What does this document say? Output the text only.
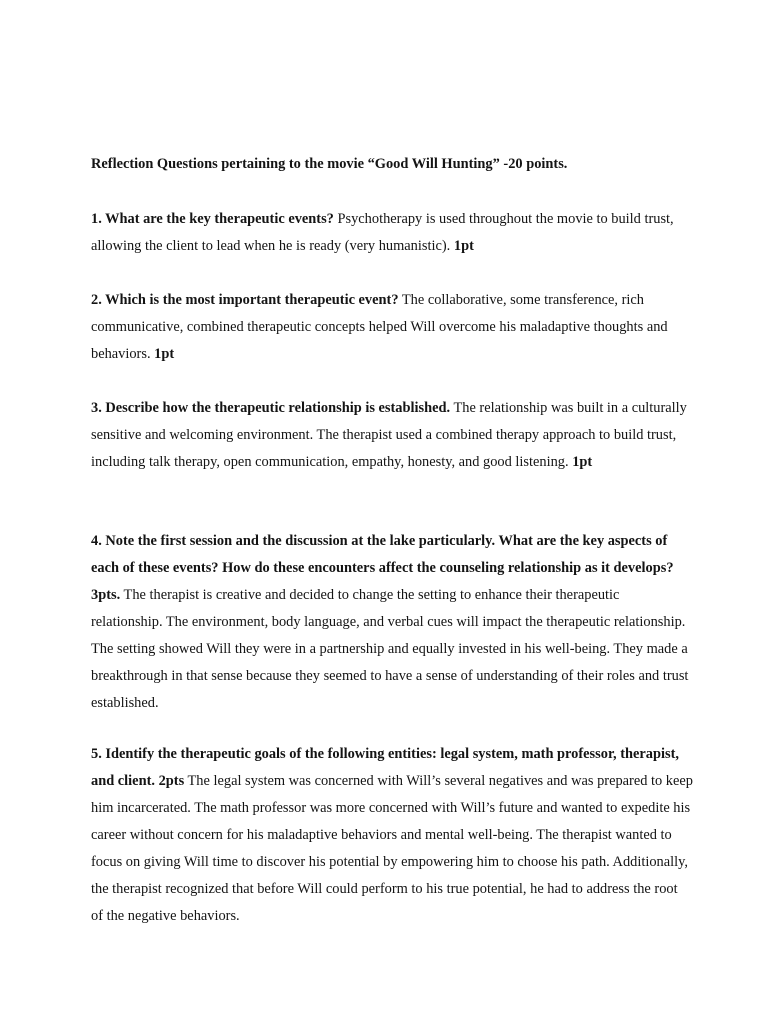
Reflection Questions pertaining to the movie “Good Will Hunting” -20 points.

1. What are the key therapeutic events? Psychotherapy is used throughout the movie to build trust, allowing the client to lead when he is ready (very humanistic). 1pt

2. Which is the most important therapeutic event? The collaborative, some transference, rich communicative, combined therapeutic concepts helped Will overcome his maladaptive thoughts and behaviors. 1pt

3. Describe how the therapeutic relationship is established. The relationship was built in a culturally sensitive and welcoming environment. The therapist used a combined therapy approach to build trust, including talk therapy, open communication, empathy, honesty, and good listening. 1pt

4. Note the first session and the discussion at the lake particularly. What are the key aspects of each of these events? How do these encounters affect the counseling relationship as it develops? 3pts. The therapist is creative and decided to change the setting to enhance their therapeutic relationship. The environment, body language, and verbal cues will impact the therapeutic relationship. The setting showed Will they were in a partnership and equally invested in his well-being. They made a breakthrough in that sense because they seemed to have a sense of understanding of their roles and trust established.

5. Identify the therapeutic goals of the following entities: legal system, math professor, therapist, and client. 2pts The legal system was concerned with Will’s several negatives and was prepared to keep him incarcerated. The math professor was more concerned with Will’s future and wanted to expedite his career without concern for his maladaptive behaviors and mental well-being. The therapist wanted to focus on giving Will time to discover his potential by empowering him to choose his path. Additionally, the therapist recognized that before Will could perform to his true potential, he had to address the root of the negative behaviors.
